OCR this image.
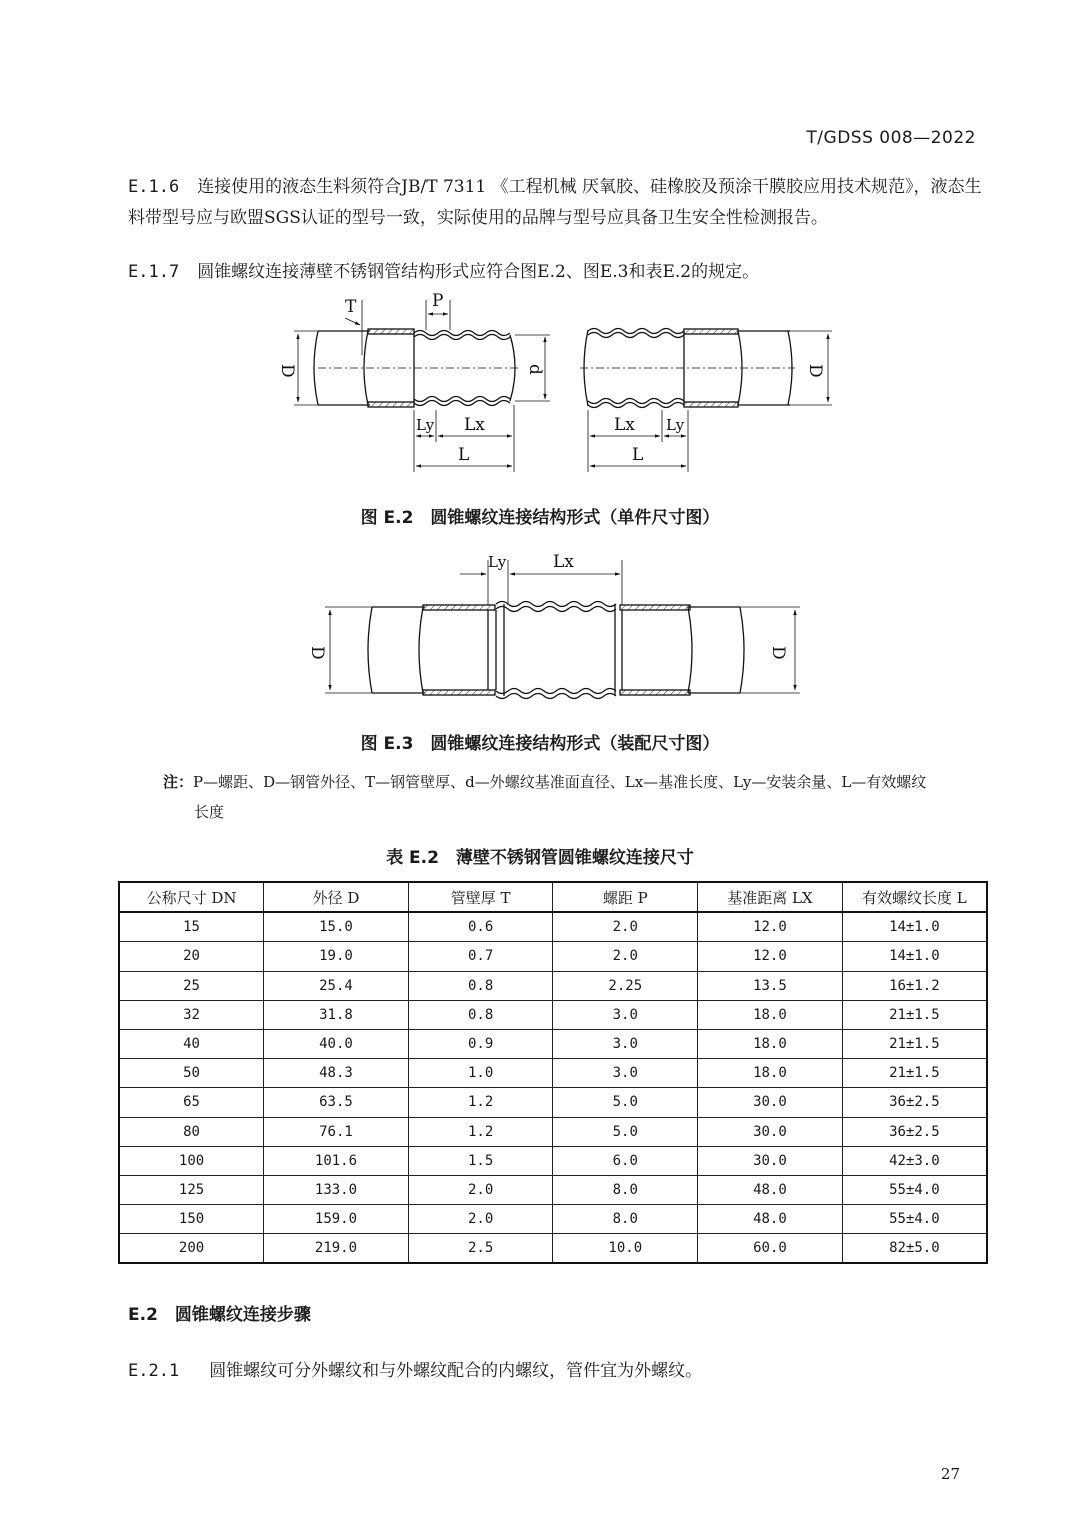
T/GDSS 008—2022
E.1.6 连接使用的液态生料须符合JB/T 7311 《工程机械 厌氧胶、硅橡胶及预涂干膜胶应用技术规范》，液态生料带型号应与欧盟SGS认证的型号一致，实际使用的品牌与型号应具备卫生安全性检测报告。
E.1.7 圆锥螺纹连接薄壁不锈钢管结构形式应符合图E.2、图E.3和表E.2的规定。
T	P
D	d	D
Ly Lx
L
Lx Ly
L
图 E.2　圆锥螺纹连接结构形式（单件尺寸图）
Ly	Lx
D	D
图 E.3　圆锥螺纹连接结构形式（装配尺寸图）
注：P—螺距、D—钢管外径、T—钢管壁厚、d—外螺纹基准面直径、Lx—基准长度、Ly—安装余量、L—有效螺纹
长度
表 E.2　薄壁不锈钢管圆锥螺纹连接尺寸
公称尺寸 DN	外径 D	管壁厚 T	螺距 P	基准距离 LX	有效螺纹长度 L
15	15.0	0.6	2.0	12.0	14±1.0
20	19.0	0.7	2.0	12.0	14±1.0
25	25.4	0.8	2.25	13.5	16±1.2
32	31.8	0.8	3.0	18.0	21±1.5
40	40.0	0.9	3.0	18.0	21±1.5
50	48.3	1.0	3.0	18.0	21±1.5
65	63.5	1.2	5.0	30.0	36±2.5
80	76.1	1.2	5.0	30.0	36±2.5
100	101.6	1.5	6.0	30.0	42±3.0
125	133.0	2.0	8.0	48.0	55±4.0
150	159.0	2.0	8.0	48.0	55±4.0
200	219.0	2.5	10.0	60.0	82±5.0
E.2　 圆锥螺纹连接步骤
E.2.1 圆锥螺纹可分外螺纹和与外螺纹配合的内螺纹，管件宜为外螺纹。
27
